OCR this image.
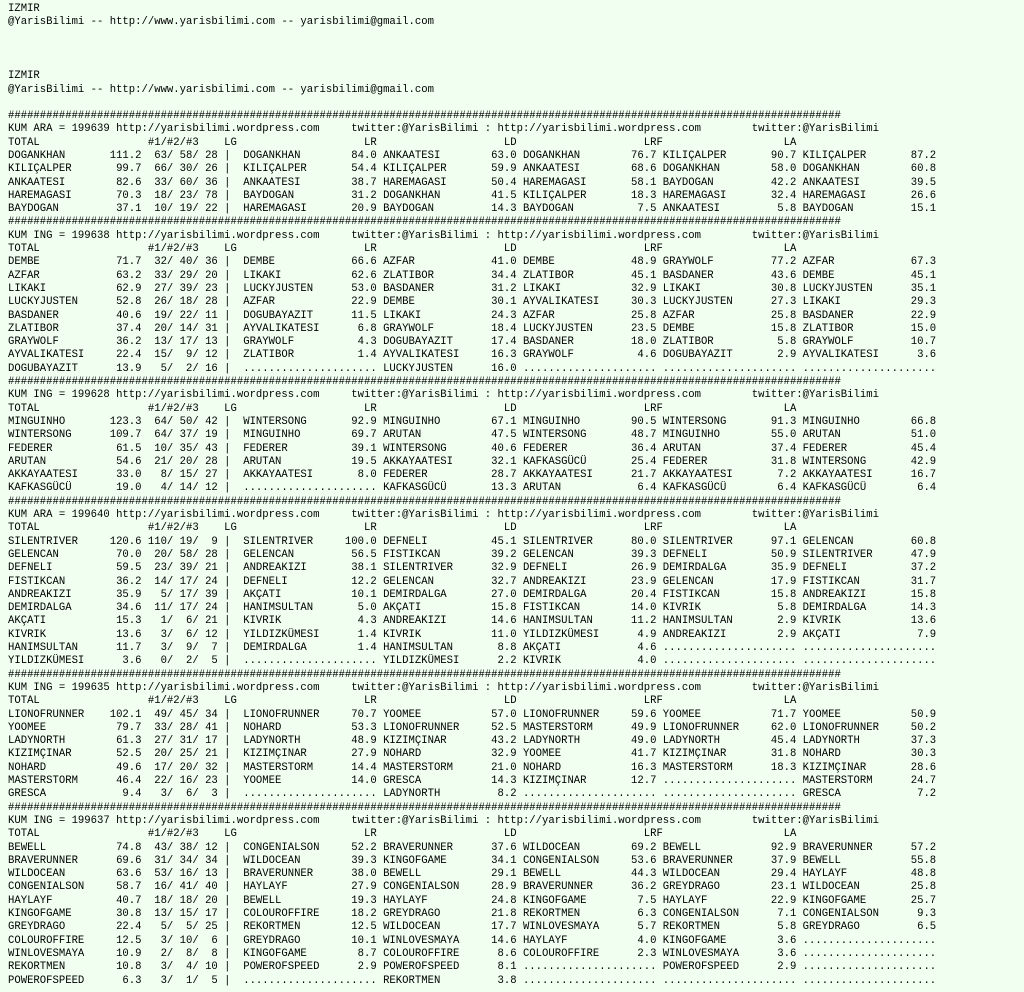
IZMIR
@YarisBilimi -- http://www.yarisbilimi.com -- yarisbilimi@gmail.com
IZMIR
@YarisBilimi -- http://www.yarisbilimi.com -- yarisbilimi@gmail.com
###################################################################################################################################
KUM ARA = 199639 http://yarisbilimi.wordpress.com     twitter:@YarisBilimi : http://yarisbilimi.wordpress.com        twitter:@YarisBilimi
TOTAL                 #1/#2/#3    LG                    LR                    LD                    LRF                   LA
DOGANKHAN       111.2  63/ 58/ 28 |  DOGANKHAN        84.0 ANKAATESI        63.0 DOGANKHAN        76.7 KILIÇALPER       90.7 KILIÇALPER       87.2
KILIÇALPER       99.7  66/ 30/ 26 |  KILIÇALPER       54.4 KILIÇALPER       59.9 ANKAATESI        68.6 DOGANKHAN        58.0 DOGANKHAN        60.8
ANKAATESI        82.6  33/ 60/ 36 |  ANKAATESI        38.7 HAREMAGASI       50.4 HAREMAGASI       58.1 BAYDOGAN         42.2 ANKAATESI        39.5
HAREMAGASI       70.3  18/ 23/ 78 |  BAYDOGAN         31.2 DOGANKHAN        41.5 KILIÇALPER       18.3 HAREMAGASI       32.4 HAREMAGASI       26.6
BAYDOGAN         37.1  10/ 19/ 22 |  HAREMAGASI       20.9 BAYDOGAN         14.3 BAYDOGAN          7.5 ANKAATESI         5.8 BAYDOGAN         15.1
###################################################################################################################################
KUM ING = 199638 http://yarisbilimi.wordpress.com     twitter:@YarisBilimi : http://yarisbilimi.wordpress.com        twitter:@YarisBilimi
TOTAL                 #1/#2/#3    LG                    LR                    LD                    LRF                   LA
DEMBE            71.7  32/ 40/ 36 |  DEMBE            66.6 AZFAR            41.0 DEMBE            48.9 GRAYWOLF         77.2 AZFAR            67.3
AZFAR            63.2  33/ 29/ 20 |  LIKAKI           62.6 ZLATIBOR         34.4 ZLATIBOR         45.1 BASDANER         43.6 DEMBE            45.1
LIKAKI           62.9  27/ 39/ 23 |  LUCKYJUSTEN      53.0 BASDANER         31.2 LIKAKI           32.9 LIKAKI           30.8 LUCKYJUSTEN      35.1
LUCKYJUSTEN      52.8  26/ 18/ 28 |  AZFAR            22.9 DEMBE            30.1 AYVALIKATESI     30.3 LUCKYJUSTEN      27.3 LIKAKI           29.3
BASDANER         40.6  19/ 22/ 11 |  DOGUBAYAZIT      11.5 LIKAKI           24.3 AZFAR            25.8 AZFAR            25.8 BASDANER         22.9
ZLATIBOR         37.4  20/ 14/ 31 |  AYVALIKATESI      6.8 GRAYWOLF         18.4 LUCKYJUSTEN      23.5 DEMBE            15.8 ZLATIBOR         15.0
GRAYWOLF         36.2  13/ 17/ 13 |  GRAYWOLF          4.3 DOGUBAYAZIT      17.4 BASDANER         18.0 ZLATIBOR          5.8 GRAYWOLF         10.7
AYVALIKATESI     22.4  15/  9/ 12 |  ZLATIBOR          1.4 AYVALIKATESI     16.3 GRAYWOLF          4.6 DOGUBAYAZIT       2.9 AYVALIKATESI      3.6
DOGUBAYAZIT      13.9   5/  2/ 16 |  ..................... LUCKYJUSTEN      16.0 ..................... ..................... .....................
###################################################################################################################################
KUM ING = 199628 http://yarisbilimi.wordpress.com     twitter:@YarisBilimi : http://yarisbilimi.wordpress.com        twitter:@YarisBilimi
TOTAL                 #1/#2/#3    LG                    LR                    LD                    LRF                   LA
MINGUINHO       123.3  64/ 50/ 42 |  WINTERSONG       92.9 MINGUINHO        67.1 MINGUINHO        90.5 WINTERSONG       91.3 MINGUINHO        66.8
WINTERSONG      109.7  64/ 37/ 19 |  MINGUINHO        69.7 ARUTAN           47.5 WINTERSONG       48.7 MINGUINHO        55.0 ARUTAN           51.0
FEDERER          61.5  10/ 35/ 43 |  FEDERER          39.1 WINTERSONG       40.6 FEDERER          36.4 ARUTAN           37.4 FEDERER          45.4
ARUTAN           54.6  21/ 20/ 28 |  ARUTAN           19.5 AKKAYAATESI      32.1 KAFKASGÜCÜ       25.4 FEDERER          31.8 WINTERSONG       42.9
AKKAYAATESI      33.0   8/ 15/ 27 |  AKKAYAATESI       8.0 FEDERER          28.7 AKKAYAATESI      21.7 AKKAYAATESI       7.2 AKKAYAATESI      16.7
KAFKASGÜCÜ       19.0   4/ 14/ 12 |  ..................... KAFKASGÜCÜ       13.3 ARUTAN            6.4 KAFKASGÜCÜ        6.4 KAFKASGÜCÜ        6.4
###################################################################################################################################
KUM ARA = 199640 http://yarisbilimi.wordpress.com     twitter:@YarisBilimi : http://yarisbilimi.wordpress.com        twitter:@YarisBilimi
TOTAL                 #1/#2/#3    LG                    LR                    LD                    LRF                   LA
SILENTRIVER     120.6 110/ 19/  9 |  SILENTRIVER     100.0 DEFNELI          45.1 SILENTRIVER      80.0 SILENTRIVER      97.1 GELENCAN         60.8
GELENCAN         70.0  20/ 58/ 28 |  GELENCAN         56.5 FISTIKCAN        39.2 GELENCAN         39.3 DEFNELI          50.9 SILENTRIVER      47.9
DEFNELI          59.5  23/ 39/ 21 |  ANDREAKIZI       38.1 SILENTRIVER      32.9 DEFNELI          26.9 DEMIRDALGA       35.9 DEFNELI          37.2
FISTIKCAN        36.2  14/ 17/ 24 |  DEFNELI          12.2 GELENCAN         32.7 ANDREAKIZI       23.9 GELENCAN         17.9 FISTIKCAN        31.7
ANDREAKIZI       35.9   5/ 17/ 39 |  AKÇATI           10.1 DEMIRDALGA       27.0 DEMIRDALGA       20.4 FISTIKCAN        15.8 ANDREAKIZI       15.8
DEMIRDALGA       34.6  11/ 17/ 24 |  HANIMSULTAN       5.0 AKÇATI           15.8 FISTIKCAN        14.0 KIVRIK            5.8 DEMIRDALGA       14.3
AKÇATI           15.3   1/  6/ 21 |  KIVRIK            4.3 ANDREAKIZI       14.6 HANIMSULTAN      11.2 HANIMSULTAN       2.9 KIVRIK           13.6
KIVRIK           13.6   3/  6/ 12 |  YILDIZKÜMESI      1.4 KIVRIK           11.0 YILDIZKÜMESI      4.9 ANDREAKIZI        2.9 AKÇATI            7.9
HANIMSULTAN      11.7   3/  9/  7 |  DEMIRDALGA        1.4 HANIMSULTAN       8.8 AKÇATI            4.6 ..................... .....................
YILDIZKÜMESI      3.6   0/  2/  5 |  ..................... YILDIZKÜMESI      2.2 KIVRIK            4.0 ..................... .....................
###################################################################################################################################
KUM ING = 199635 http://yarisbilimi.wordpress.com     twitter:@YarisBilimi : http://yarisbilimi.wordpress.com        twitter:@YarisBilimi
TOTAL                 #1/#2/#3    LG                    LR                    LD                    LRF                   LA
LIONOFRUNNER    102.1  49/ 45/ 34 |  LIONOFRUNNER     70.7 YOOMEE           57.0 LIONOFRUNNER     59.6 YOOMEE           71.7 YOOMEE           50.9
YOOMEE           79.7  33/ 28/ 41 |  NOHARD           53.3 LIONOFRUNNER     52.5 MASTERSTORM      49.9 LIONOFRUNNER     62.0 LIONOFRUNNER     50.2
LADYNORTH        61.3  27/ 31/ 17 |  LADYNORTH        48.9 KIZIMÇINAR       43.2 LADYNORTH        49.0 LADYNORTH        45.4 LADYNORTH        37.3
KIZIMÇINAR       52.5  20/ 25/ 21 |  KIZIMÇINAR       27.9 NOHARD           32.9 YOOMEE           41.7 KIZIMÇINAR       31.8 NOHARD           30.3
NOHARD           49.6  17/ 20/ 32 |  MASTERSTORM      14.4 MASTERSTORM      21.0 NOHARD           16.3 MASTERSTORM      18.3 KIZIMÇINAR       28.6
MASTERSTORM      46.4  22/ 16/ 23 |  YOOMEE           14.0 GRESCA           14.3 KIZIMÇINAR       12.7 ..................... MASTERSTORM      24.7
GRESCA            9.4   3/  6/  3 |  ..................... LADYNORTH         8.2 ..................... ..................... GRESCA            7.2
###################################################################################################################################
KUM ING = 199637 http://yarisbilimi.wordpress.com     twitter:@YarisBilimi : http://yarisbilimi.wordpress.com        twitter:@YarisBilimi
TOTAL                 #1/#2/#3    LG                    LR                    LD                    LRF                   LA
BEWELL           74.8  43/ 38/ 12 |  CONGENIALSON     52.2 BRAVERUNNER      37.6 WILDOCEAN        69.2 BEWELL           92.9 BRAVERUNNER      57.2
BRAVERUNNER      69.6  31/ 34/ 34 |  WILDOCEAN        39.3 KINGOFGAME       34.1 CONGENIALSON     53.6 BRAVERUNNER      37.9 BEWELL           55.8
WILDOCEAN        63.6  53/ 16/ 13 |  BRAVERUNNER      38.0 BEWELL           29.1 BEWELL           44.3 WILDOCEAN        29.4 HAYLAYF          48.8
CONGENIALSON     58.7  16/ 41/ 40 |  HAYLAYF          27.9 CONGENIALSON     28.9 BRAVERUNNER      36.2 GREYDRAGO        23.1 WILDOCEAN        25.8
HAYLAYF          40.7  18/ 18/ 20 |  BEWELL           19.3 HAYLAYF          24.8 KINGOFGAME        7.5 HAYLAYF          22.9 KINGOFGAME       25.7
KINGOFGAME       30.8  13/ 15/ 17 |  COLOUROFFIRE     18.2 GREYDRAGO        21.8 REKORTMEN         6.3 CONGENIALSON      7.1 CONGENIALSON      9.3
GREYDRAGO        22.4   5/  5/ 25 |  REKORTMEN        12.5 WILDOCEAN        17.7 WINLOVESMAYA      5.7 REKORTMEN         5.8 GREYDRAGO         6.5
COLOUROFFIRE     12.5   3/ 10/  6 |  GREYDRAGO        10.1 WINLOVESMAYA     14.6 HAYLAYF           4.0 KINGOFGAME        3.6 .....................
WINLOVESMAYA     10.9   2/  8/  8 |  KINGOFGAME        8.7 COLOUROFFIRE      8.6 COLOUROFFIRE      2.3 WINLOVESMAYA      3.6 .....................
REKORTMEN        10.8   3/  4/ 10 |  POWEROFSPEED      2.9 POWEROFSPEED      8.1 ..................... POWEROFSPEED      2.9 .....................
POWEROFSPEED      6.3   3/  1/  5 |  ..................... REKORTMEN         3.8 ..................... ..................... .....................
